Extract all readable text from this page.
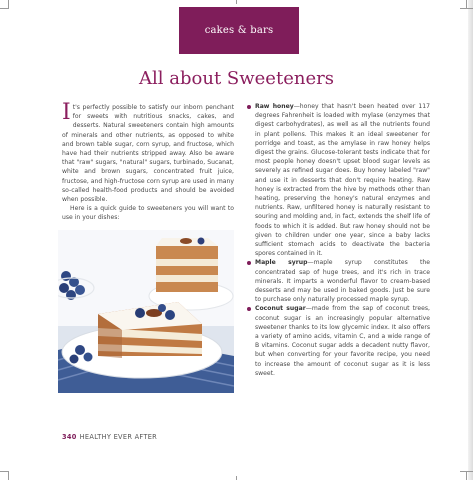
cakes & bars
All about Sweeteners

It's perfectly possible to satisfy our inborn penchant for sweets with nutritious snacks, cakes, and desserts. Natural sweeteners contain high amounts of minerals and other nutrients, as opposed to white and brown table sugar, corn syrup, and fructose, which have had their nutrients stripped away. Also be aware that "raw" sugars, "natural" sugars, turbinado, Sucanat, white and brown sugars, concentrated fruit juice, fructose, and high-fructose corn syrup are used in many so-called health-food products and should be avoided when possible.

Here is a quick guide to sweeteners you will want to use in your dishes:

Raw honey—honey that hasn't been heated over 117 degrees Fahrenheit is loaded with mylase (enzymes that digest carbohydrates), as well as all the nutrients found in plant pollens. This makes it an ideal sweetener for porridge and toast, as the amylase in raw honey helps digest the grains. Glucose-tolerant tests indicate that for most people honey doesn't upset blood sugar levels as severely as refined sugar does. Buy honey labeled "raw" and use it in desserts that don't require heating. Raw honey is extracted from the hive by methods other than heating, preserving the honey's natural enzymes and nutrients. Raw, unfiltered honey is naturally resistant to souring and molding and, in fact, extends the shelf life of foods to which it is added. But raw honey should not be given to children under one year, since a baby lacks sufficient stomach acids to deactivate the bacteria spores contained in it.
Maple syrup—maple syrup constitutes the concentrated sap of huge trees, and it's rich in trace minerals. It imparts a wonderful flavor to cream-based desserts and may be used in baked goods. Just be sure to purchase only naturally processed maple syrup.
Coconut sugar—made from the sap of coconut trees, coconut sugar is an increasingly popular alternative sweetener thanks to its low glycemic index. It also offers a variety of amino acids, vitamin C, and a wide range of B vitamins. Coconut sugar adds a decadent nutty flavor, but when converting for your favorite recipe, you need to increase the amount of coconut sugar as it is less sweet.
340 HEALTHY EVER AFTER
